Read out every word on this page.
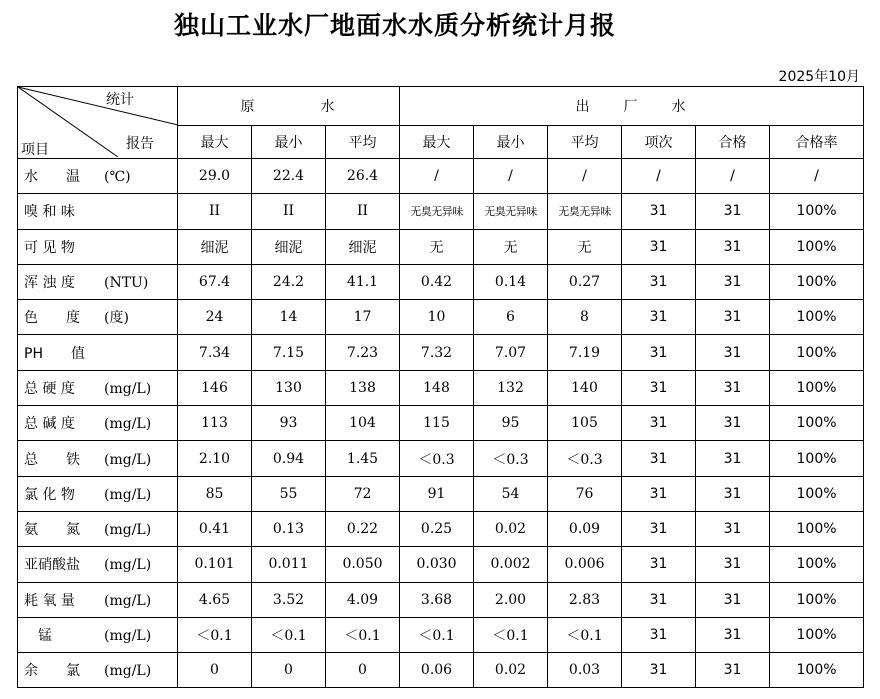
独山工业水厂地面水水质分析统计月报
2025年10月
统计
报告
项目	原　　　　水			出　　厂　　水					
	最大	最小	平均	最大	最小	平均	项次	合格	合格率
水　　温 (℃)	29.0	22.4	26.4	/	/	/	/	/	/
嗅 和 味	II	II	II	无臭无异味	无臭无异味	无臭无异味	31	31	100%
可 见 物	细泥	细泥	细泥	无	无	无	31	31	100%
浑 浊 度 (NTU)	67.4	24.2	41.1	0.42	0.14	0.27	31	31	100%
色　　度 (度)	24	14	17	10	6	8	31	31	100%
PH　　值	7.34	7.15	7.23	7.32	7.07	7.19	31	31	100%
总 硬 度 (mg/L)	146	130	138	148	132	140	31	31	100%
总 碱 度 (mg/L)	113	93	104	115	95	105	31	31	100%
总　　铁 (mg/L)	2.10	0.94	1.45	＜0.3	＜0.3	＜0.3	31	31	100%
氯 化 物 (mg/L)	85	55	72	91	54	76	31	31	100%
氨　　氮 (mg/L)	0.41	0.13	0.22	0.25	0.02	0.09	31	31	100%
亚硝酸盐 (mg/L)	0.101	0.011	0.050	0.030	0.002	0.006	31	31	100%
耗 氧 量 (mg/L)	4.65	3.52	4.09	3.68	2.00	2.83	31	31	100%
　锰 (mg/L)	＜0.1	＜0.1	＜0.1	＜0.1	＜0.1	＜0.1	31	31	100%
余　　氯 (mg/L)	0	0	0	0.06	0.02	0.03	31	31	100%
